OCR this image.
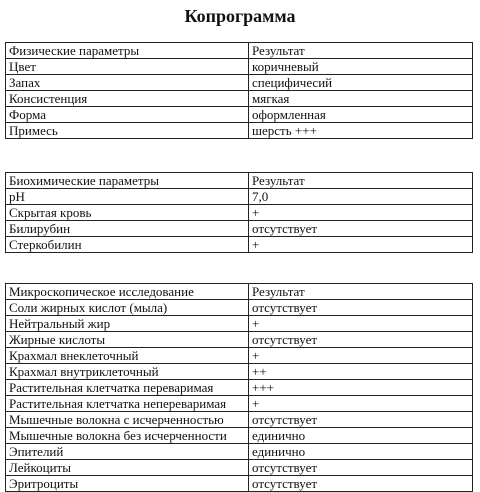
Копрограмма
Физические параметры	Результат
Цвет	коричневый
Запах	специфичесий
Консистенция	мягкая
Форма	оформленная
Примесь	шерсть +++
Биохимические параметры	Результат
pH	7,0
Скрытая кровь	+
Билирубин	отсутствует
Стеркобилин	+
Микроскопическое исследование	Результат
Соли жирных кислот (мыла)	отсутствует
Нейтральный жир	+
Жирные кислоты	отсутствует
Крахмал внеклеточный	+
Крахмал внутриклеточный	++
Растительная клетчатка переваримая	+++
Растительная клетчатка непереваримая	+
Мышечные волокна с исчерченностью	отсутствует
Мышечные волокна без исчерченности	единично
Эпителий	единично
Лейкоциты	отсутствует
Эритроциты	отсутствует
